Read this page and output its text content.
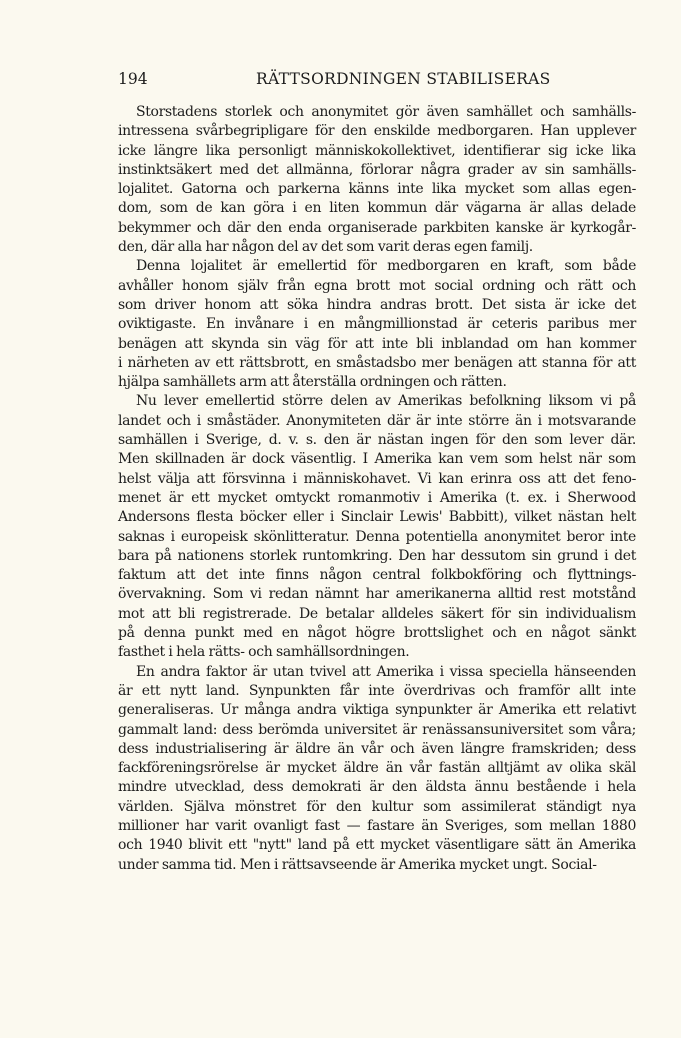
194	RÄTTSORDNINGEN STABILISERAS
Storstadens storlek och anonymitet gör även samhället och samhälls-
intressena svårbegripligare för den enskilde medborgaren. Han upplever
icke längre lika personligt människokollektivet, identifierar sig icke lika
instinktsäkert med det allmänna, förlorar några grader av sin samhälls-
lojalitet. Gatorna och parkerna känns inte lika mycket som allas egen-
dom, som de kan göra i en liten kommun där vägarna är allas delade
bekymmer och där den enda organiserade parkbiten kanske är kyrkogår-
den, där alla har någon del av det som varit deras egen familj.
Denna lojalitet är emellertid för medborgaren en kraft, som både
avhåller honom själv från egna brott mot social ordning och rätt och
som driver honom att söka hindra andras brott. Det sista är icke det
oviktigaste. En invånare i en mångmillionstad är ceteris paribus mer
benägen att skynda sin väg för att inte bli inblandad om han kommer
i närheten av ett rättsbrott, en småstadsbo mer benägen att stanna för att
hjälpa samhällets arm att återställa ordningen och rätten.
Nu lever emellertid större delen av Amerikas befolkning liksom vi på
landet och i småstäder. Anonymiteten där är inte större än i motsvarande
samhällen i Sverige, d. v. s. den är nästan ingen för den som lever där.
Men skillnaden är dock väsentlig. I Amerika kan vem som helst när som
helst välja att försvinna i människohavet. Vi kan erinra oss att det feno-
menet är ett mycket omtyckt romanmotiv i Amerika (t. ex. i Sherwood
Andersons flesta böcker eller i Sinclair Lewis' Babbitt), vilket nästan helt
saknas i europeisk skönlitteratur. Denna potentiella anonymitet beror inte
bara på nationens storlek runtomkring. Den har dessutom sin grund i det
faktum att det inte finns någon central folkbokföring och flyttnings-
övervakning. Som vi redan nämnt har amerikanerna alltid rest motstånd
mot att bli registrerade. De betalar alldeles säkert för sin individualism
på denna punkt med en något högre brottslighet och en något sänkt
fasthet i hela rätts- och samhällsordningen.
En andra faktor är utan tvivel att Amerika i vissa speciella hänseenden
är ett nytt land. Synpunkten får inte överdrivas och framför allt inte
generaliseras. Ur många andra viktiga synpunkter är Amerika ett relativt
gammalt land: dess berömda universitet är renässansuniversitet som våra;
dess industrialisering är äldre än vår och även längre framskriden; dess
fackföreningsrörelse är mycket äldre än vår fastän alltjämt av olika skäl
mindre utvecklad, dess demokrati är den äldsta ännu bestående i hela
världen. Själva mönstret för den kultur som assimilerat ständigt nya
millioner har varit ovanligt fast — fastare än Sveriges, som mellan 1880
och 1940 blivit ett "nytt" land på ett mycket väsentligare sätt än Amerika
under samma tid. Men i rättsavseende är Amerika mycket ungt. Social-
